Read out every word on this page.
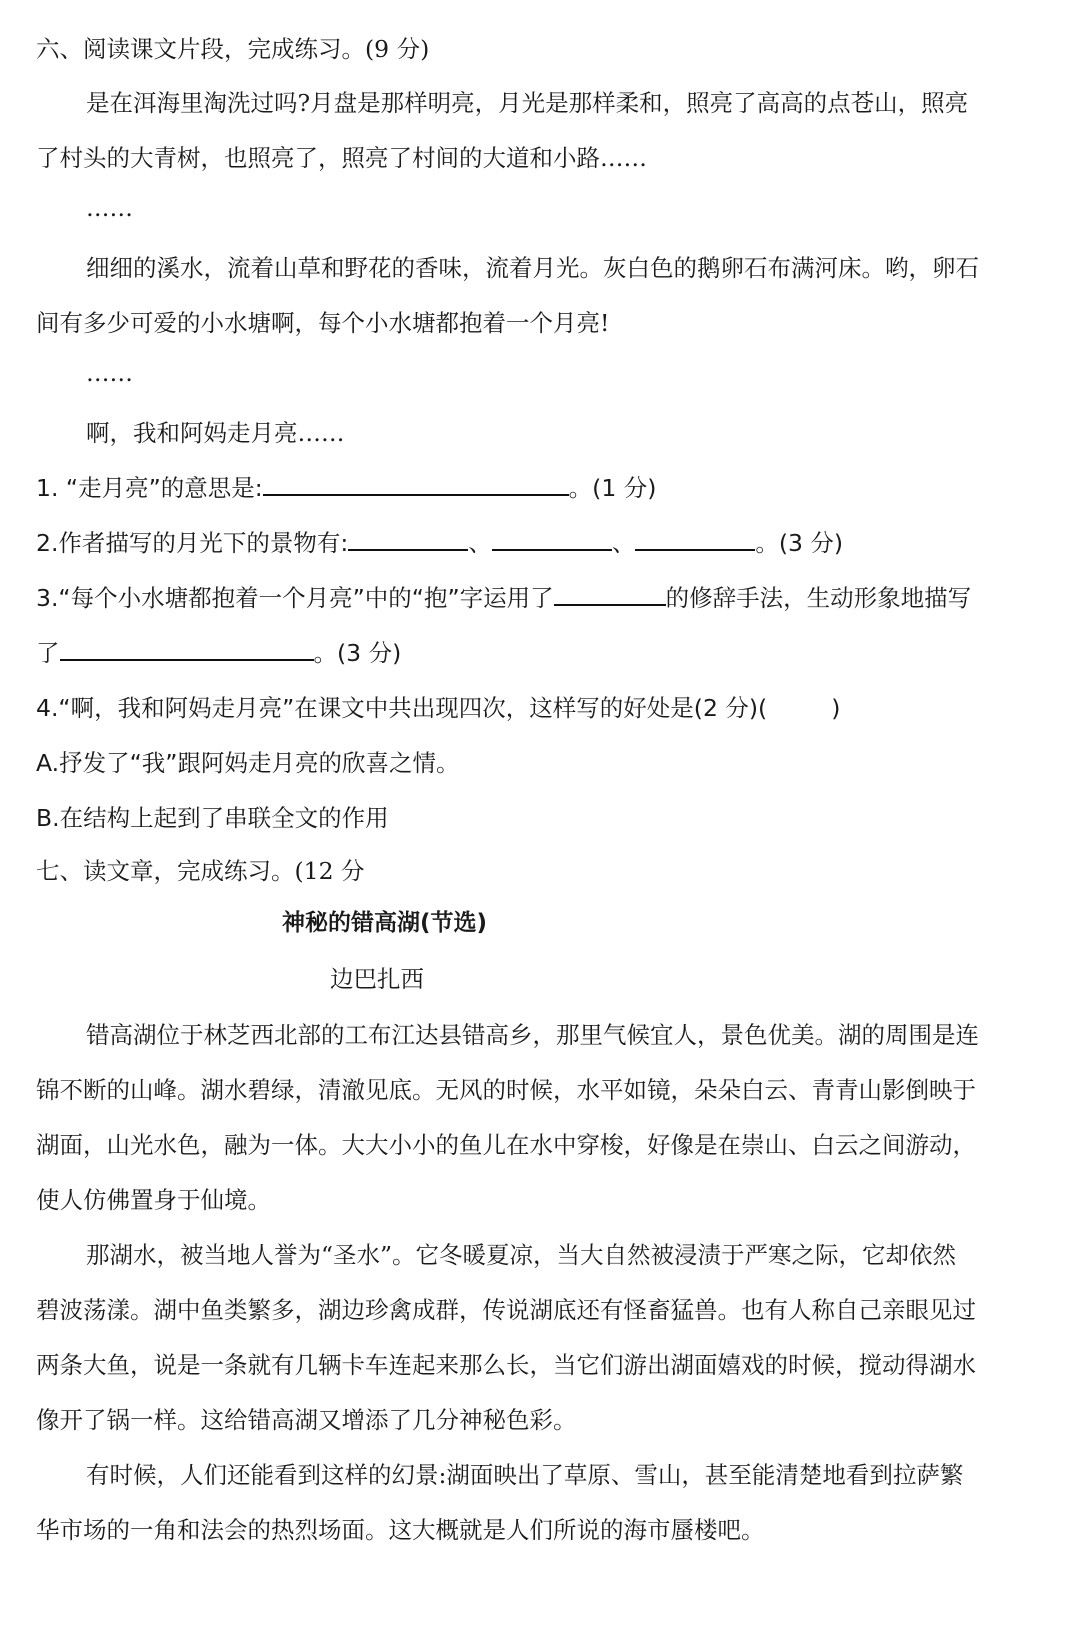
六、阅读课文片段，完成练习。(9 分)
是在洱海里淘洗过吗?月盘是那样明亮，月光是那样柔和，照亮了高高的点苍山，照亮
了村头的大青树，也照亮了，照亮了村间的大道和小路……
……
细细的溪水，流着山草和野花的香味，流着月光。灰白色的鹅卵石布满河床。哟，卵石
间有多少可爱的小水塘啊，每个小水塘都抱着一个月亮!
……
啊，我和阿妈走月亮……
1. “走月亮”的意思是:	。(1 分)
2.作者描写的月光下的景物有:	、	、	。(3 分)
3.“每个小水塘都抱着一个月亮”中的“抱”字运用了	的修辞手法，生动形象地描写
了	。(3 分)
4.“啊，我和阿妈走月亮”在课文中共出现四次，这样写的好处是(2 分)(	)
A.抒发了“我”跟阿妈走月亮的欣喜之情。
B.在结构上起到了串联全文的作用
七、读文章，完成练习。(12 分
神秘的错高湖(节选)
边巴扎西
错高湖位于林芝西北部的工布江达县错高乡，那里气候宜人，景色优美。湖的周围是连
锦不断的山峰。湖水碧绿，清澈见底。无风的时候，水平如镜，朵朵白云、青青山影倒映于
湖面，山光水色，融为一体。大大小小的鱼儿在水中穿梭，好像是在崇山、白云之间游动，
使人仿佛置身于仙境。
那湖水，被当地人誉为“圣水”。它冬暖夏凉，当大自然被浸渍于严寒之际，它却依然
碧波荡漾。湖中鱼类繁多，湖边珍禽成群，传说湖底还有怪畜猛兽。也有人称自己亲眼见过
两条大鱼，说是一条就有几辆卡车连起来那么长，当它们游出湖面嬉戏的时候，搅动得湖水
像开了锅一样。这给错高湖又增添了几分神秘色彩。
有时候，人们还能看到这样的幻景:湖面映出了草原、雪山，甚至能清楚地看到拉萨繁
华市场的一角和法会的热烈场面。这大概就是人们所说的海市蜃楼吧。
